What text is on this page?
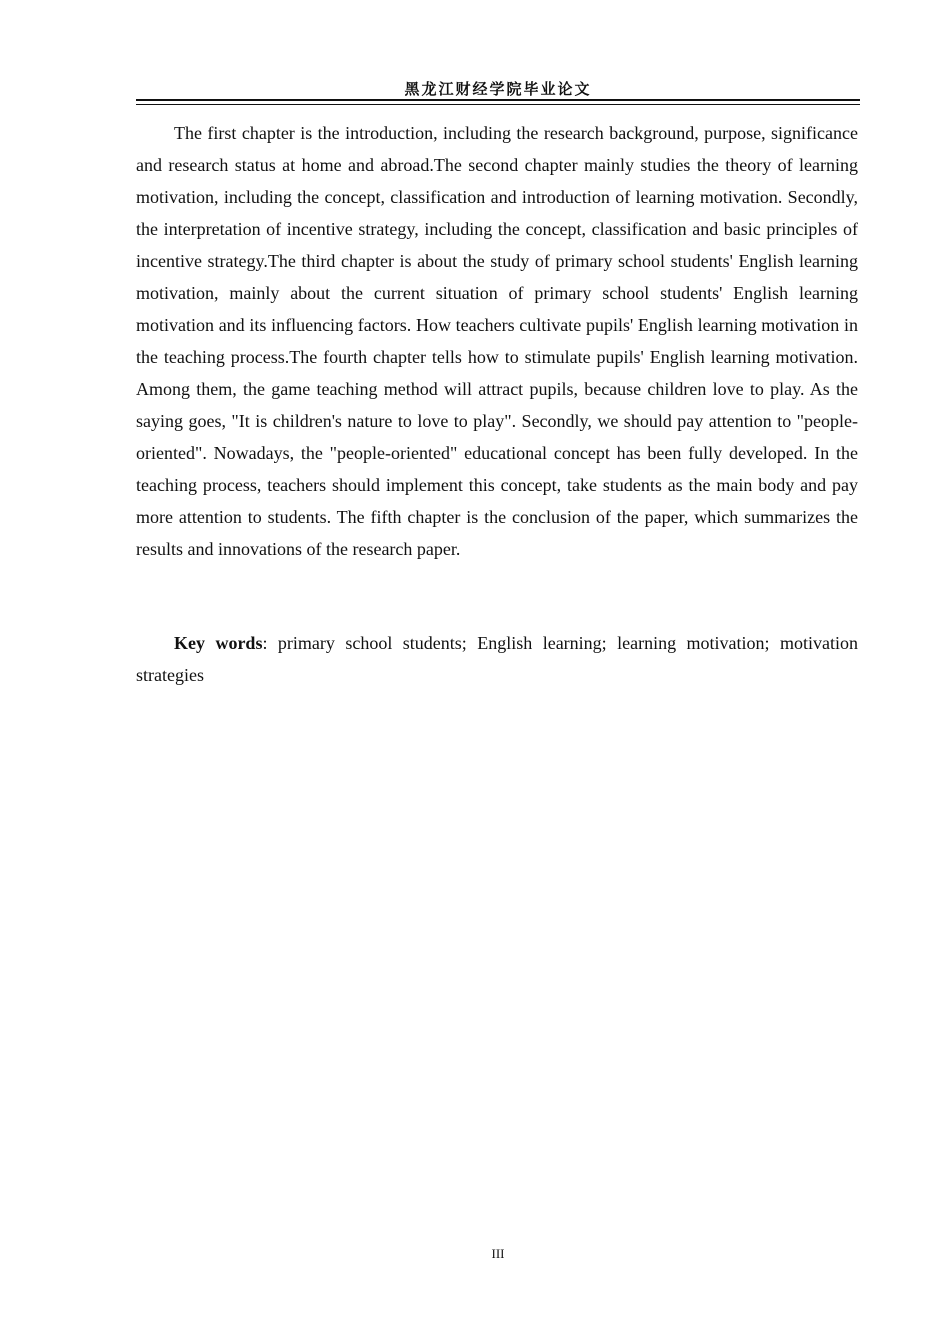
黑龙江财经学院毕业论文

The first chapter is the introduction, including the research background, purpose, significance and research status at home and abroad.The second chapter mainly studies the theory of learning motivation, including the concept, classification and introduction of learning motivation. Secondly, the interpretation of incentive strategy, including the concept, classification and basic principles of incentive strategy.The third chapter is about the study of primary school students' English learning motivation, mainly about the current situation of primary school students' English learning motivation and its influencing factors. How teachers cultivate pupils' English learning motivation in the teaching process.The fourth chapter tells how to stimulate pupils' English learning motivation. Among them, the game teaching method will attract pupils, because children love to play. As the saying goes, "It is children's nature to love to play". Secondly, we should pay attention to "people-oriented". Nowadays, the "people-oriented" educational concept has been fully developed. In the teaching process, teachers should implement this concept, take students as the main body and pay more attention to students. The fifth chapter is the conclusion of the paper, which summarizes the results and innovations of the research paper.

Key words: primary school students; English learning; learning motivation; motivation strategies

III
